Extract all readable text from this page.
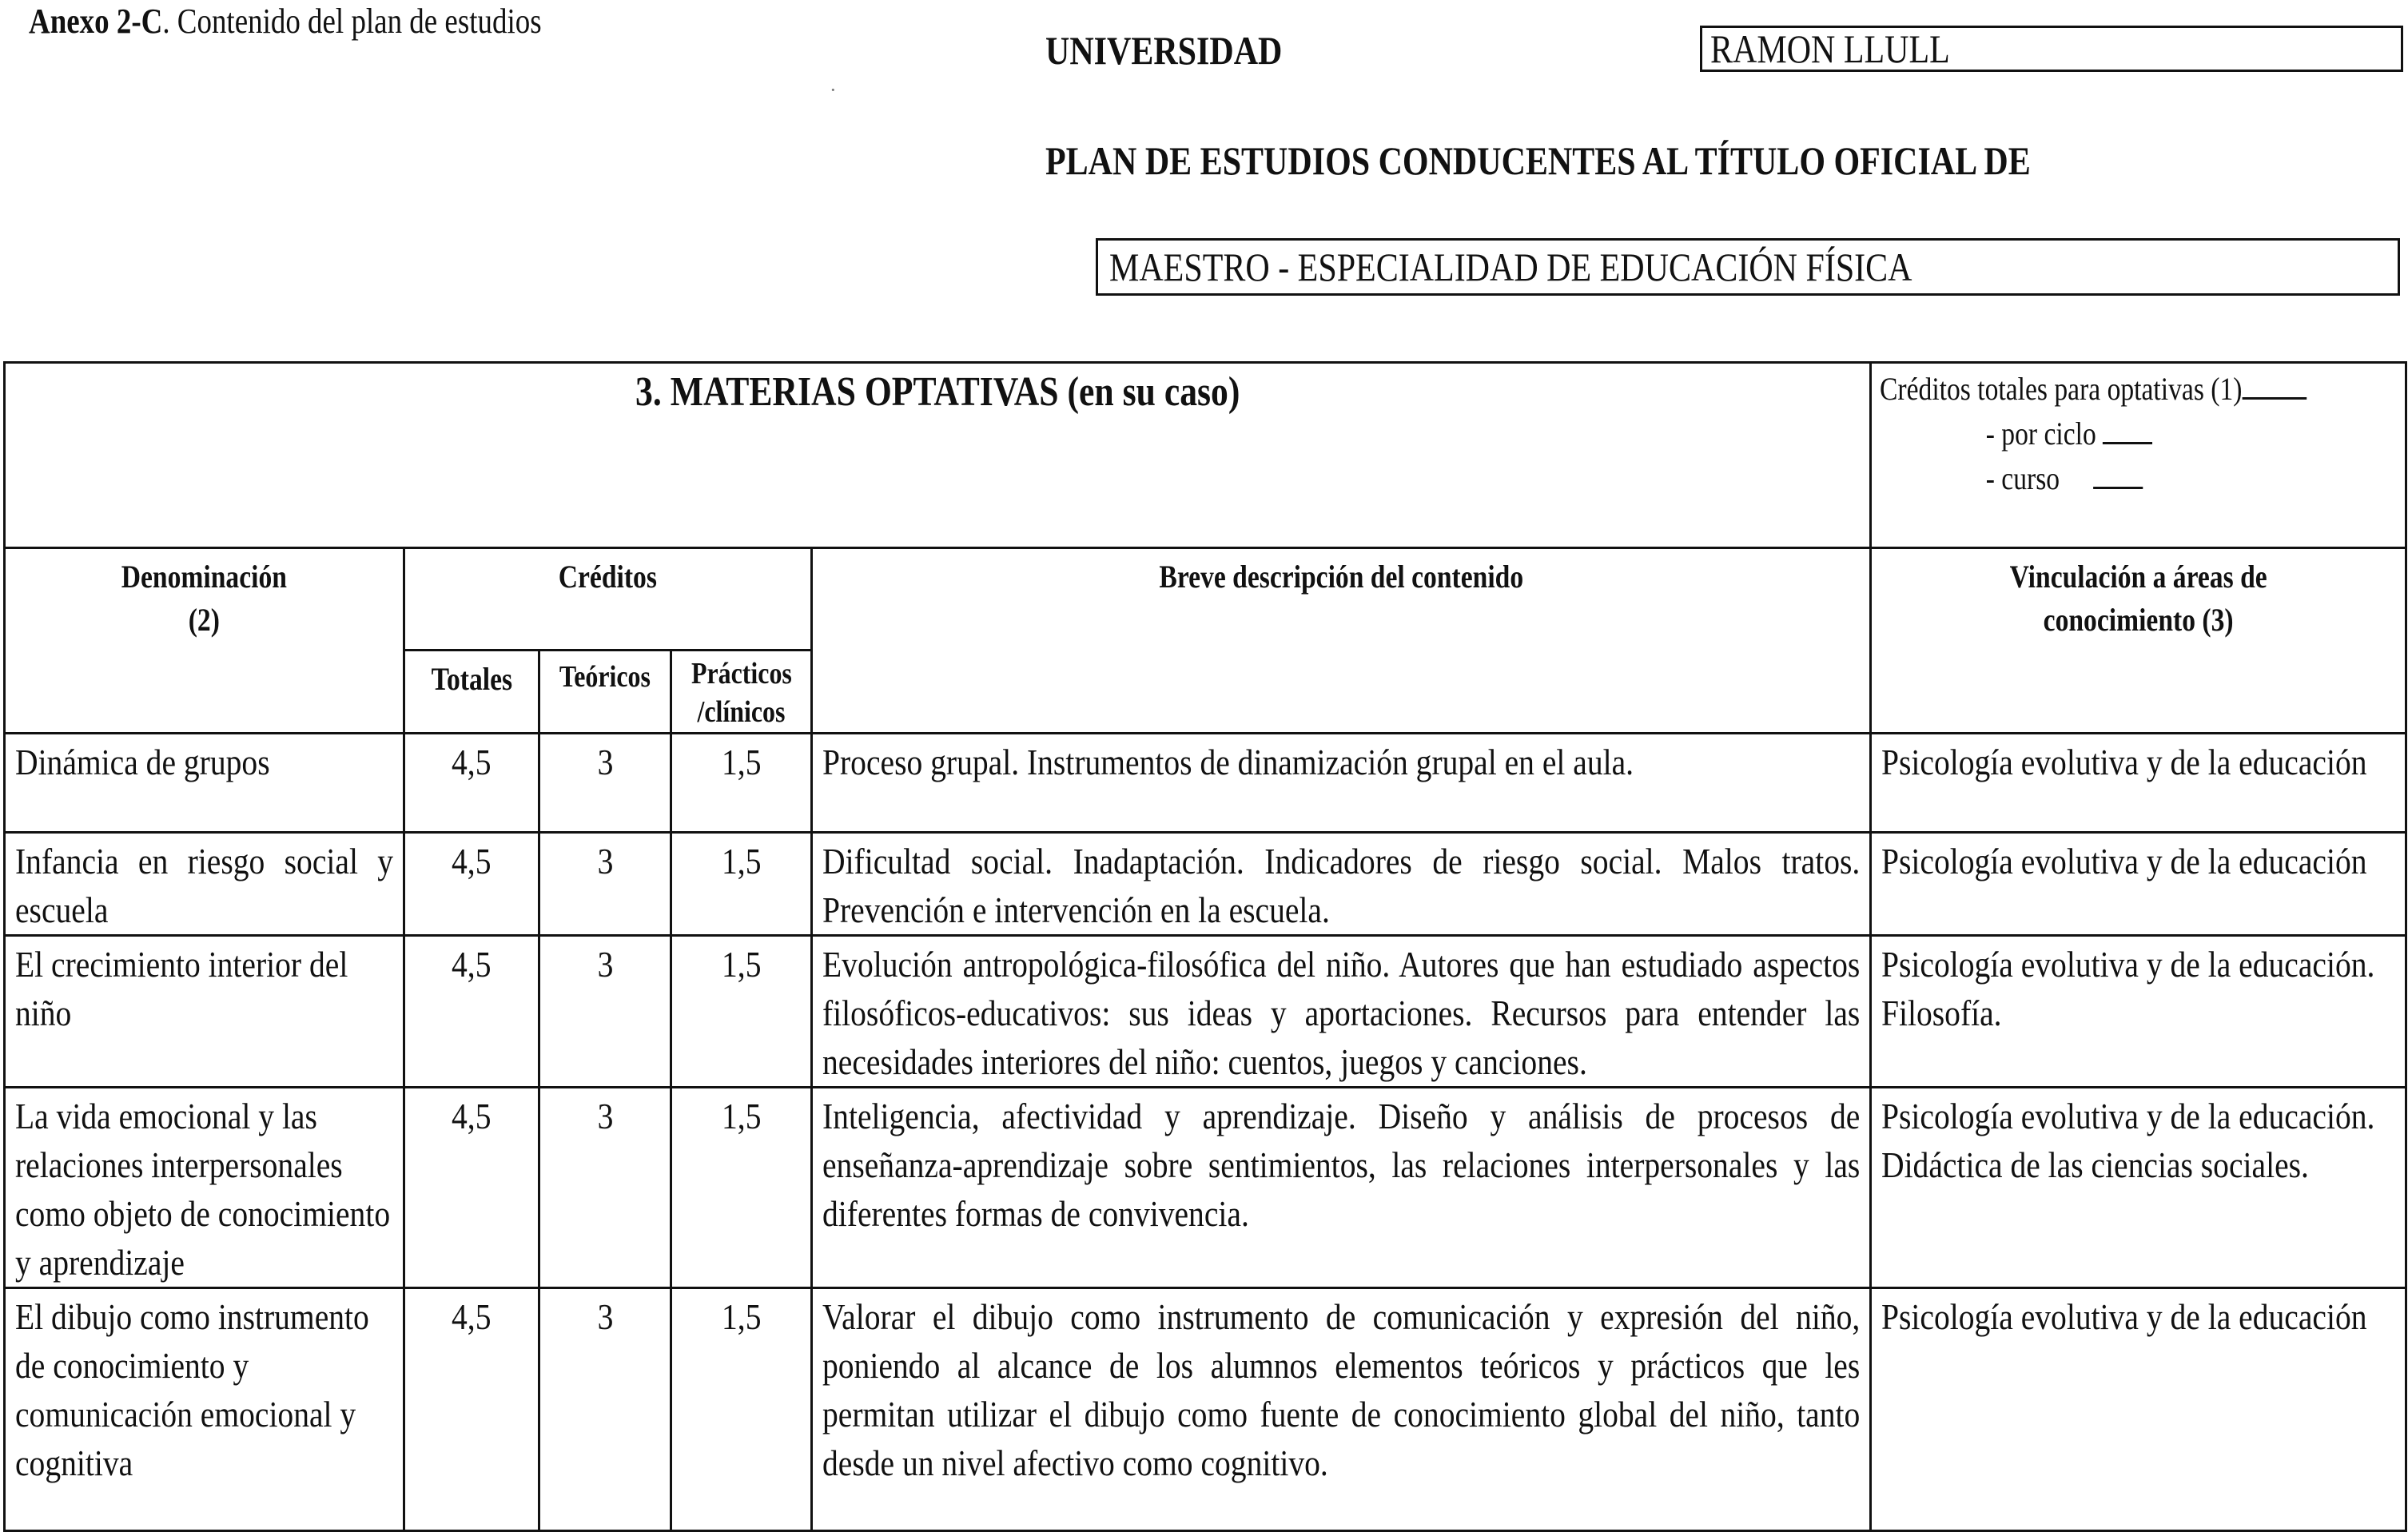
Anexo 2-C. Contenido del plan de estudios
·
UNIVERSIDAD	RAMON LLULL
PLAN DE ESTUDIOS CONDUCENTES AL TÍTULO OFICIAL DE
MAESTRO - ESPECIALIDAD DE EDUCACIÓN FÍSICA
3. MATERIAS OPTATIVAS (en su caso)					Créditos totales para optativas (1)
- por ciclo
- curso

Denominación
(2)	Créditos			Breve descripción del contenido	Vinculación a áreas de
conocimiento (3)

	Totales	Teóricos	Prácticos
/clínicos		

Dinámica de grupos	4,5	3	1,5	Proceso grupal. Instrumentos de dinamización grupal en el aula.	Psicología evolutiva y de la educación

Infancia en riesgo social y escuela	4,5	3	1,5	Dificultad social. Inadaptación. Indicadores de riesgo social. Malos tratos. Prevención e intervención en la escuela.	Psicología evolutiva y de la educación

El crecimiento interior del niño	4,5	3	1,5	Evolución antropológica-filosófica del niño. Autores que han estudiado aspectos filosóficos-educativos: sus ideas y aportaciones. Recursos para entender las necesidades interiores del niño: cuentos, juegos y canciones.	Psicología evolutiva y de la educación.
Filosofía.

La vida emocional y las relaciones interpersonales como objeto de conocimiento y aprendizaje	4,5	3	1,5	Inteligencia, afectividad y aprendizaje. Diseño y análisis de procesos de enseñanza-aprendizaje sobre sentimientos, las relaciones interpersonales y las diferentes formas de convivencia.	Psicología evolutiva y de la educación.
Didáctica de las ciencias sociales.

El dibujo como instrumento de conocimiento y comunicación emocional y cognitiva	4,5	3	1,5	Valorar el dibujo como instrumento de comunicación y expresión del niño, poniendo al alcance de los alumnos elementos teóricos y prácticos que les permitan utilizar el dibujo como fuente de conocimiento global del niño, tanto desde un nivel afectivo como cognitivo.	Psicología evolutiva y de la educación
